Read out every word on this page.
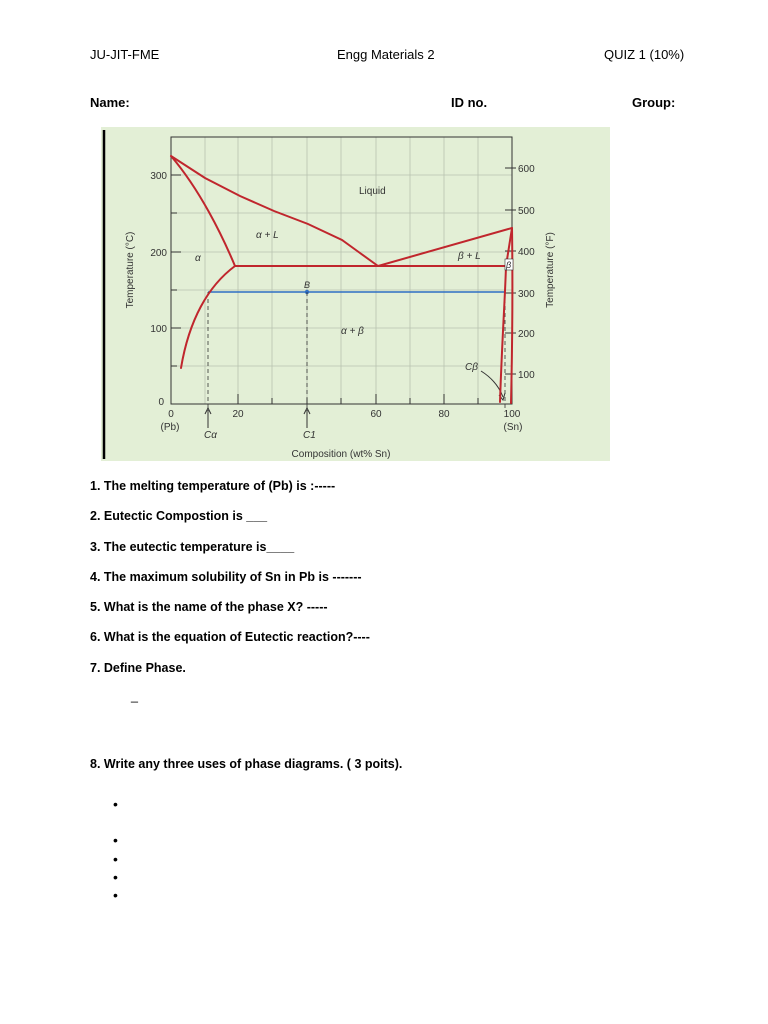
JU-JIT-FME	Engg Materials 2	QUIZ 1 (10%)
Name:	ID no.	Group:
Liquid
α + L
β + L
α + β
α
β
B
Cα	C1
Cβ
300
200
100
0
600
500
400
300
200
100
0	20	60	80	100
(Pb)	(Sn)
Composition (wt% Sn)
Temperature (°C)	Temperature (°F)
1. The melting temperature of (Pb) is :-----
2. Eutectic Compostion is ___
3. The eutectic temperature is____
4. The maximum solubility of Sn in Pb is -------
5. What is the name of the phase X? -----
6. What is the equation of Eutectic reaction?----
7. Define Phase.
_
8. Write any three uses of phase diagrams. ( 3 poits).
•
•
•
•
•
